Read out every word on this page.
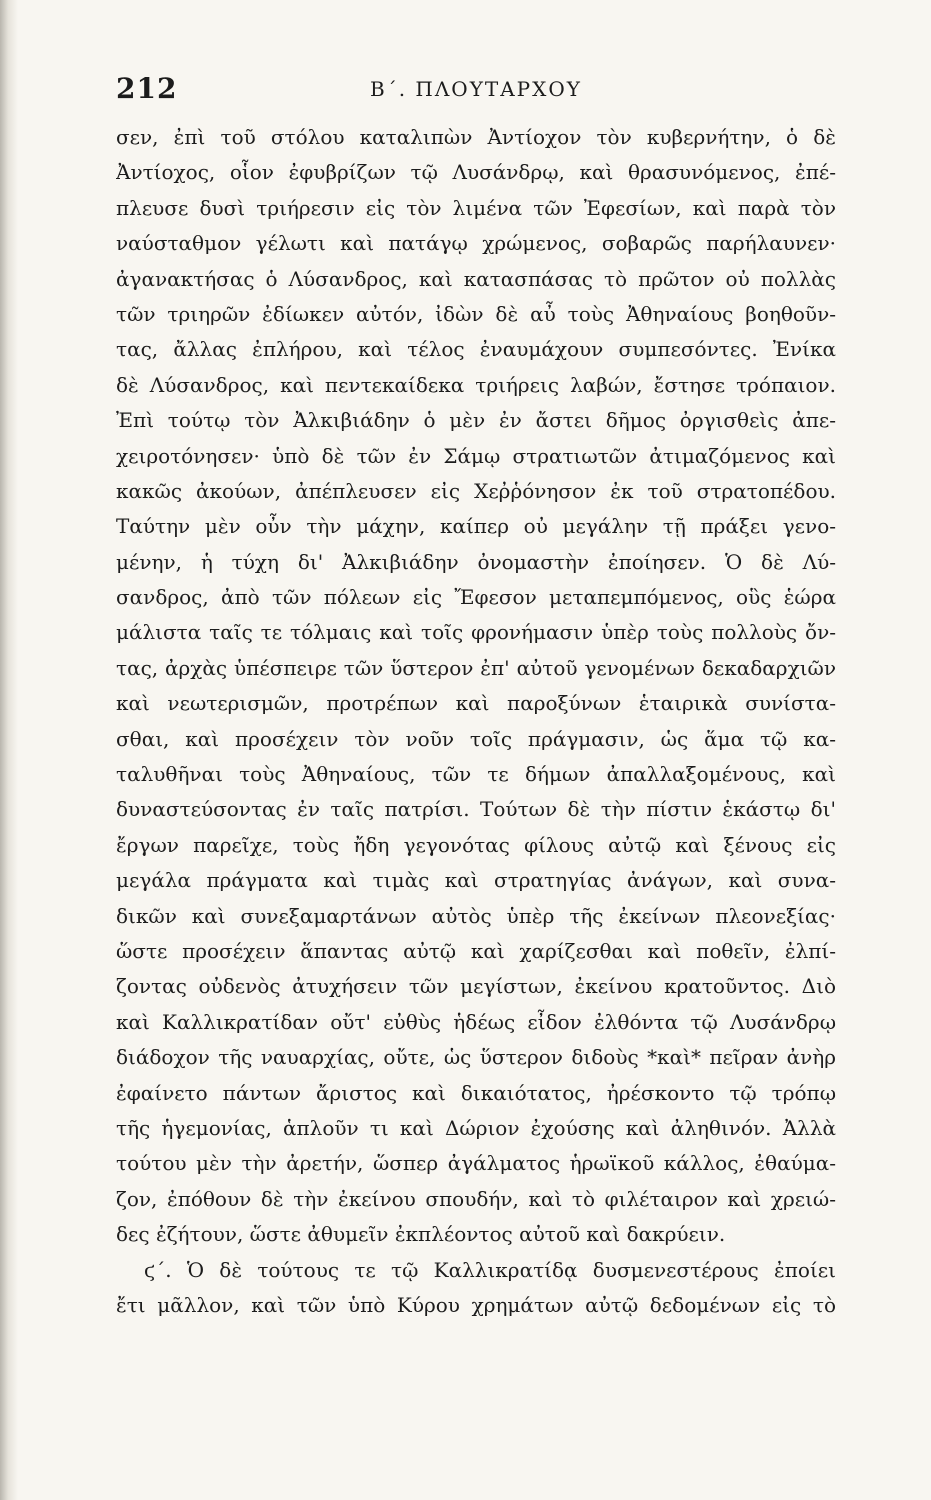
212	Β΄. ΠΛΟΥΤΑΡΧΟΥ
σεν, ἐπὶ τοῦ στόλου καταλιπὼν Ἀντίοχον τὸν κυβερνήτην, ὁ δὲ
Ἀντίοχος, οἷον ἐφυβρίζων τῷ Λυσάνδρῳ, καὶ θρασυνόμενος, ἐπέ-
πλευσε δυσὶ τριήρεσιν εἰς τὸν λιμένα τῶν Ἐφεσίων, καὶ παρὰ τὸν
ναύσταθμον γέλωτι καὶ πατάγῳ χρώμενος, σοβαρῶς παρήλαυνεν·
ἀγανακτήσας ὁ Λύσανδρος, καὶ κατασπάσας τὸ πρῶτον οὐ πολλὰς
τῶν τριηρῶν ἐδίωκεν αὐτόν, ἰδὼν δὲ αὖ τοὺς Ἀθηναίους βοηθοῦν-
τας, ἄλλας ἐπλήρου, καὶ τέλος ἐναυμάχουν συμπεσόντες. Ἐνίκα
δὲ Λύσανδρος, καὶ πεντεκαίδεκα τριήρεις λαβών, ἔστησε τρόπαιον.
Ἐπὶ τούτῳ τὸν Ἀλκιβιάδην ὁ μὲν ἐν ἄστει δῆμος ὀργισθεὶς ἀπε-
χειροτόνησεν· ὑπὸ δὲ τῶν ἐν Σάμῳ στρατιωτῶν ἀτιμαζόμενος καὶ
κακῶς ἀκούων, ἀπέπλευσεν εἰς Χεῤῥόνησον ἐκ τοῦ στρατοπέδου.
Ταύτην μὲν οὖν τὴν μάχην, καίπερ οὐ μεγάλην τῇ πράξει γενο-
μένην, ἡ τύχη δι' Ἀλκιβιάδην ὀνομαστὴν ἐποίησεν. Ὁ δὲ Λύ-
σανδρος, ἀπὸ τῶν πόλεων εἰς Ἔφεσον μεταπεμπόμενος, οὓς ἑώρα
μάλιστα ταῖς τε τόλμαις καὶ τοῖς φρονήμασιν ὑπὲρ τοὺς πολλοὺς ὄν-
τας, ἀρχὰς ὑπέσπειρε τῶν ὕστερον ἐπ' αὐτοῦ γενομένων δεκαδαρχιῶν
καὶ νεωτερισμῶν, προτρέπων καὶ παροξύνων ἑταιρικὰ συνίστα-
σθαι, καὶ προσέχειν τὸν νοῦν τοῖς πράγμασιν, ὡς ἅμα τῷ κα-
ταλυθῆναι τοὺς Ἀθηναίους, τῶν τε δήμων ἀπαλλαξομένους, καὶ
δυναστεύσοντας ἐν ταῖς πατρίσι. Τούτων δὲ τὴν πίστιν ἑκάστῳ δι'
ἔργων παρεῖχε, τοὺς ἤδη γεγονότας φίλους αὐτῷ καὶ ξένους εἰς
μεγάλα πράγματα καὶ τιμὰς καὶ στρατηγίας ἀνάγων, καὶ συνα-
δικῶν καὶ συνεξαμαρτάνων αὐτὸς ὑπὲρ τῆς ἐκείνων πλεονεξίας·
ὥστε προσέχειν ἅπαντας αὐτῷ καὶ χαρίζεσθαι καὶ ποθεῖν, ἐλπί-
ζοντας οὐδενὸς ἀτυχήσειν τῶν μεγίστων, ἐκείνου κρατοῦντος. Διὸ
καὶ Καλλικρατίδαν οὔτ' εὐθὺς ἡδέως εἶδον ἐλθόντα τῷ Λυσάνδρῳ
διάδοχον τῆς ναυαρχίας, οὔτε, ὡς ὕστερον διδοὺς *καὶ* πεῖραν ἀνὴρ
ἐφαίνετο πάντων ἄριστος καὶ δικαιότατος, ἠρέσκοντο τῷ τρόπῳ
τῆς ἡγεμονίας, ἁπλοῦν τι καὶ Δώριον ἐχούσης καὶ ἀληθινόν. Ἀλλὰ
τούτου μὲν τὴν ἀρετήν, ὥσπερ ἀγάλματος ἡρωϊκοῦ κάλλος, ἐθαύμα-
ζον, ἐπόθουν δὲ τὴν ἐκείνου σπουδήν, καὶ τὸ φιλέταιρον καὶ χρειώ-
δες ἐζήτουν, ὥστε ἀθυμεῖν ἐκπλέοντος αὐτοῦ καὶ δακρύειν.
ϛ΄. Ὁ δὲ τούτους τε τῷ Καλλικρατίδᾳ δυσμενεστέρους ἐποίει
ἔτι μᾶλλον, καὶ τῶν ὑπὸ Κύρου χρημάτων αὐτῷ δεδομένων εἰς τὸ
